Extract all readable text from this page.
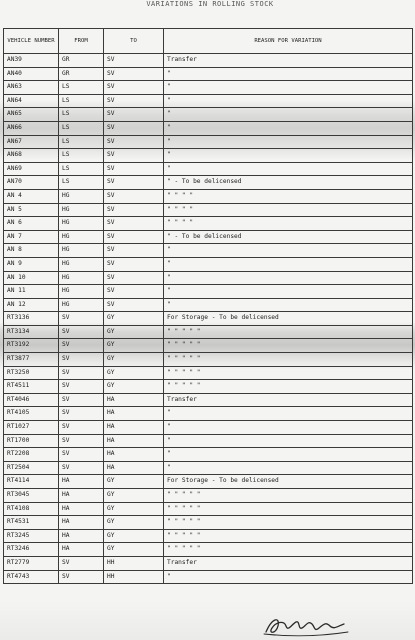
VARIATIONS IN ROLLING STOCK
VEHICLE NUMBER	FROM	TO	REASON FOR VARIATION
AN39	GR	SV	Transfer
AN40	GR	SV	"
AN63	LS	SV	"
AN64	LS	SV	"
AN65	LS	SV	"
AN66	LS	SV	"
AN67	LS	SV	"
AN68	LS	SV	"
AN69	LS	SV	"
AN70	LS	SV	" - To be delicensed
AN 4	HG	SV	" " " "
AN 5	HG	SV	" " " "
AN 6	HG	SV	" " " "
AN 7	HG	SV	" - To be delicensed
AN 8	HG	SV	"
AN 9	HG	SV	"
AN 10	HG	SV	"
AN 11	HG	SV	"
AN 12	HG	SV	"
RT3136	SV	GY	For Storage - To be delicensed
RT3134	SV	GY	" " " " "
RT3192	SV	GY	" " " " "
RT3877	SV	GY	" " " " "
RT3250	SV	GY	" " " " "
RT4511	SV	GY	" " " " "
RT4046	SV	HA	Transfer
RT4105	SV	HA	"
RT1027	SV	HA	"
RT1700	SV	HA	"
RT2208	SV	HA	"
RT2504	SV	HA	"
RT4114	HA	GY	For Storage - To be delicensed
RT3045	HA	GY	" " " " "
RT4108	HA	GY	" " " " "
RT4531	HA	GY	" " " " "
RT3245	HA	GY	" " " " "
RT3246	HA	GY	" " " " "
RT2779	SV	HH	Transfer
RT4743	SV	HH	"
